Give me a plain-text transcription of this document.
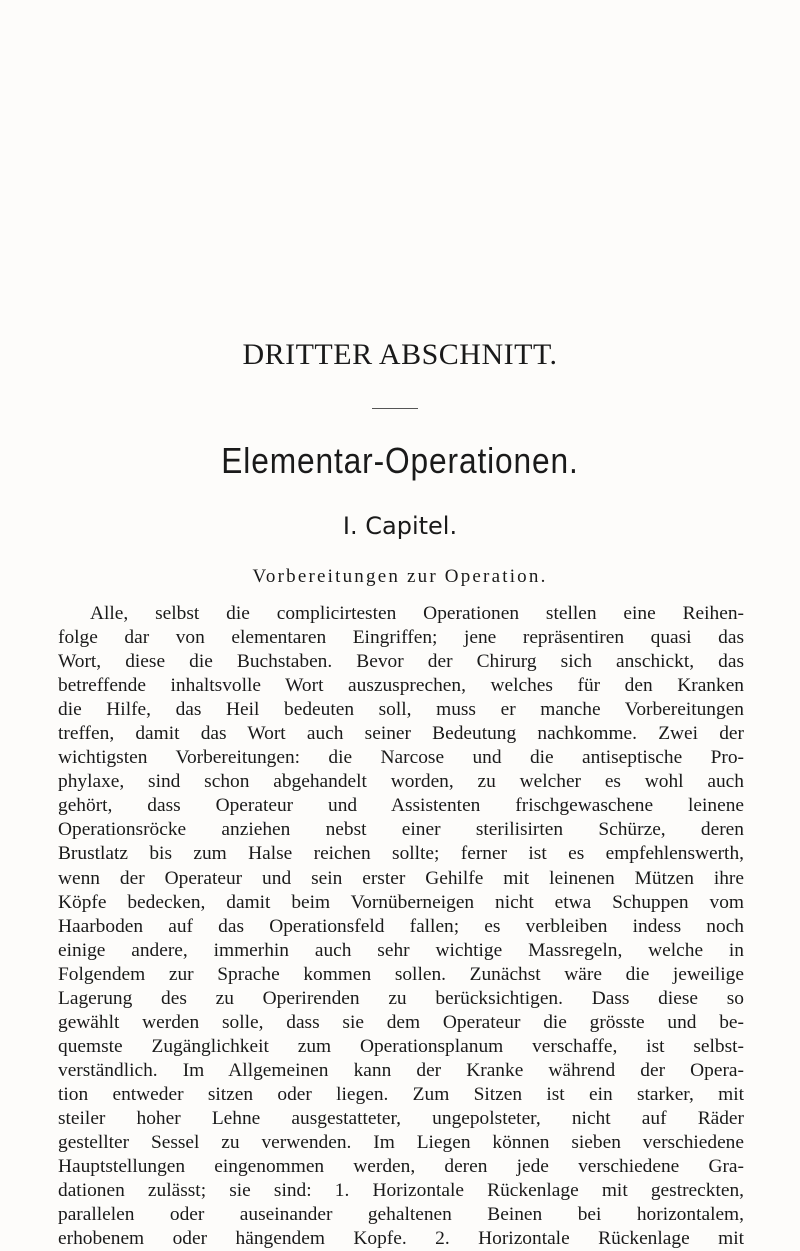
DRITTER ABSCHNITT.
Elementar-Operationen.
I. Capitel.

Vorbereitungen zur Operation.

Alle, selbst die complicirtesten Operationen stellen eine Reihen-
folge dar von elementaren Eingriffen; jene repräsentiren quasi das
Wort, diese die Buchstaben. Bevor der Chirurg sich anschickt, das
betreffende inhaltsvolle Wort auszusprechen, welches für den Kranken
die Hilfe, das Heil bedeuten soll, muss er manche Vorbereitungen
treffen, damit das Wort auch seiner Bedeutung nachkomme. Zwei der
wichtigsten Vorbereitungen: die Narcose und die antiseptische Pro-
phylaxe, sind schon abgehandelt worden, zu welcher es wohl auch
gehört, dass Operateur und Assistenten frischgewaschene leinene
Operationsröcke anziehen nebst einer sterilisirten Schürze, deren
Brustlatz bis zum Halse reichen sollte; ferner ist es empfehlenswerth,
wenn der Operateur und sein erster Gehilfe mit leinenen Mützen ihre
Köpfe bedecken, damit beim Vornüberneigen nicht etwa Schuppen vom
Haarboden auf das Operationsfeld fallen; es verbleiben indess noch
einige andere, immerhin auch sehr wichtige Massregeln, welche in
Folgendem zur Sprache kommen sollen. Zunächst wäre die jeweilige
Lagerung des zu Operirenden zu berücksichtigen. Dass diese so
gewählt werden solle, dass sie dem Operateur die grösste und be-
quemste Zugänglichkeit zum Operationsplanum verschaffe, ist selbst-
verständlich. Im Allgemeinen kann der Kranke während der Opera-
tion entweder sitzen oder liegen. Zum Sitzen ist ein starker, mit
steiler hoher Lehne ausgestatteter, ungepolsteter, nicht auf Räder
gestellter Sessel zu verwenden. Im Liegen können sieben verschiedene
Hauptstellungen eingenommen werden, deren jede verschiedene Gra-
dationen zulässt; sie sind: 1. Horizontale Rückenlage mit gestreckten,
parallelen oder auseinander gehaltenen Beinen bei horizontalem,
erhobenem oder hängendem Kopfe. 2. Horizontale Rückenlage mit
